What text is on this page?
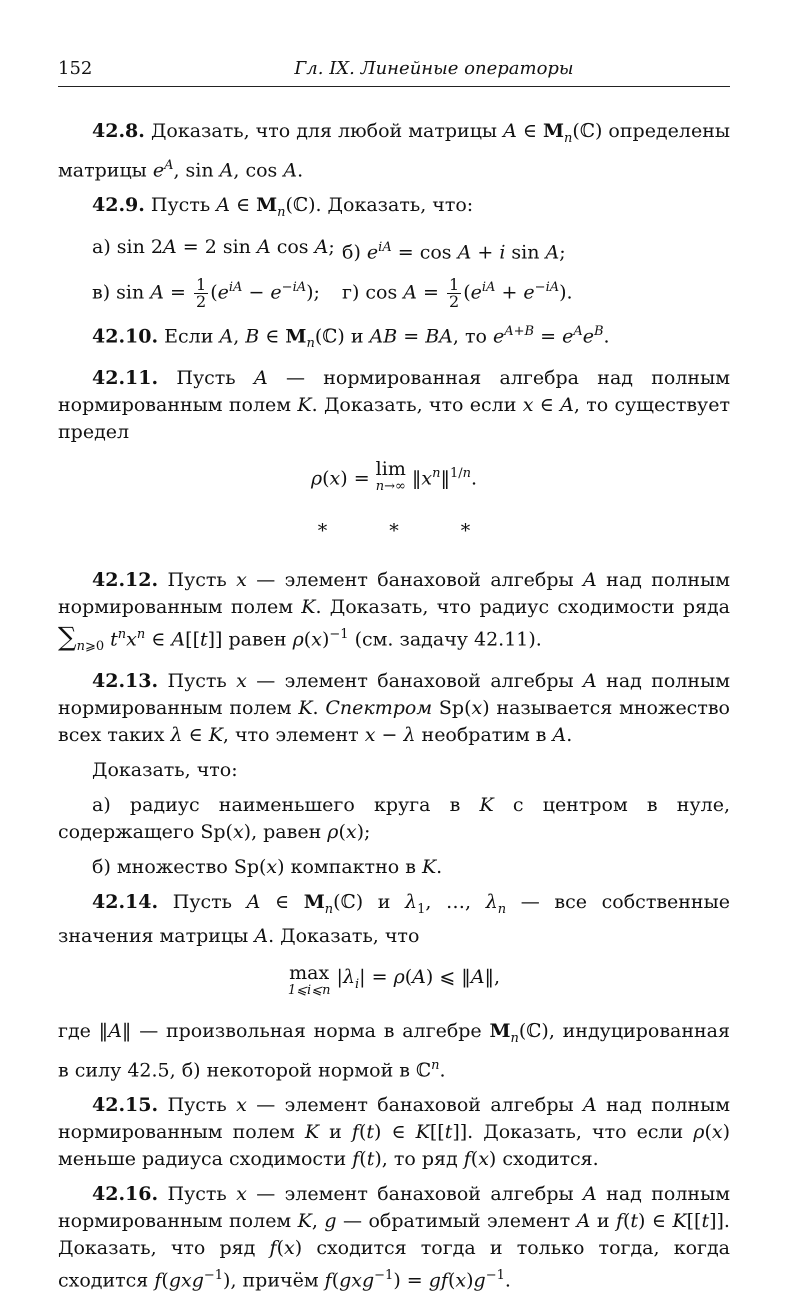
152	Гл. IX. Линейные операторы

42.8. Доказать, что для любой матрицы A ∈ $M_n(ℂ)$ определены матрицы $e^A$, sin A, cos A.

42.9. Пусть A ∈ $M_n(ℂ)$. Доказать, что:

а) sin 2A = 2 sin A cos A; б) $e^{iA} = \cos A + i$ sin A;
в) $\sin A = \frac{1}{2} (e^{iA} - e^{-iA})$;	г) $\cos A = \frac{1}{2} (e^{iA} + e^{-iA})$.

42.10. Если A, B ∈ $M_n(ℂ)$ и AB = BA, то $e^{A+B} = e^Ae^B$.

42.11. Пусть A — нормированная алгебра над полным нормированным полем K. Доказать, что если x ∈ A, то существует предел

ρ(x) = lim
n→∞ $‖x^n‖^{1/n}$.
* * *

42.12. Пусть x — элемент банаховой алгебры A над полным нормированным полем K. Доказать, что радиус сходимости ряда $\sum_{n⩾0}$ $t^nx^n$ ∈ A[[t]] равен $\rho(x)^{-1}$ (см. задачу 42.11).

42.13. Пусть x — элемент банаховой алгебры A над полным нормированным полем K. Спектром Sp(x) называется множество всех таких λ ∈ K, что элемент x − λ необратим в A.

Доказать, что:

а) радиус наименьшего круга в K с центром в нуле, содержащего Sp(x), равен ρ(x);

б) множество Sp(x) компактно в K.

42.14. Пусть A ∈ $M_n(ℂ)$ и $\lambda_1$, …, $\lambda_n$ — все собственные значения матрицы A. Доказать, что

max
1⩽i⩽n
$|\lambda_i| = \rho(A)$ ⩽ ‖A‖,

где ‖A‖ — произвольная норма в алгебре $M_n(ℂ)$, индуцированная в силу 42.5, б) некоторой нормой в ℂ$^n$.

42.15. Пусть x — элемент банаховой алгебры A над полным нормированным полем K и f(t) ∈ K[[t]]. Доказать, что если ρ(x) меньше радиуса сходимости f(t), то ряд f(x) сходится.

42.16. Пусть x — элемент банаховой алгебры A над полным нормированным полем K, g — обратимый элемент A и f(t) ∈ K[[t]]. Доказать, что ряд f(x) сходится тогда и только тогда, когда сходится f(gxg$^{-1}$), причём $f(gxg^{-1}) = gf(x)g^{-1}$.
